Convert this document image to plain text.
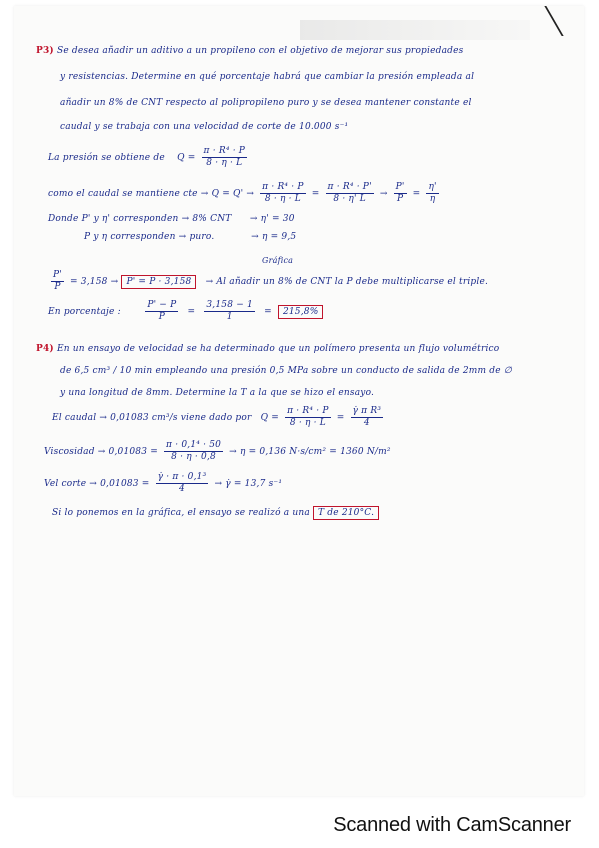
P3) Se desea añadir un aditivo a un propileno con el objetivo de mejorar sus propiedades
y resistencias. Determine en qué porcentaje habrá que cambiar la presión empleada al
añadir un 8% de CNT respecto al polipropileno puro y se desea mantener constante el
caudal y se trabaja con una velocidad de corte de 10.000 s⁻¹
La presión se obtiene de $Q = \frac{\text{π · R⁴ · P}}{8 \cdot \eta \cdot L}$
como el caudal se mantiene cte → $Q = Q' \to \frac{\text{π · R⁴ · P}}{8 \cdot \eta \cdot L} = \frac{\text{π · R⁴ · P'}}{8 \cdot \eta' L} \to \frac{P'}{P} = \frac{\eta'}{\eta}$
Donde P' y η' corresponden → 8% CNT → η' = 30
P y η corresponden → puro.	→ η = 9,5
Gráfica
$\frac{P'}{P} = 3,158 \to P' = P \cdot 3,158 \to Al$ añadir un 8% de CNT la P debe multiplicarse el triple.
En porcentaje :	$\frac{P' - P}{P} = \frac{3,158 - 1}{1} = 215,8\%$
P4) En un ensayo de velocidad se ha determinado que un polímero presenta un flujo volumétrico
de 6,5 cm³ / 10 min empleando una presión 0,5 MPa sobre un conducto de salida de 2mm de ∅
y una longitud de 8mm. Determine la T a la que se hizo el ensayo.
El caudal → 0,01083 cm³/s viene dado por $Q = \frac{\text{π · R⁴ · P}}{8 \cdot \eta \cdot L} = \frac{\text{γ̇ π R³}}{4}$
Viscosidad → $0,01083 = \frac{\text{π · 0,1⁴ · 50}}{8 \cdot \eta \cdot 0,8} \to \eta = 0,136$ N·s/cm² = 1360 N/m²
Vel corte → $0,01083 = \frac{\text{γ̇ · π · 0,1³}}{4}$ → γ̇ = 13,7 s⁻¹
Si lo ponemos en la gráfica, el ensayo se realizó a una T de 210°C.
Scanned with CamScanner
